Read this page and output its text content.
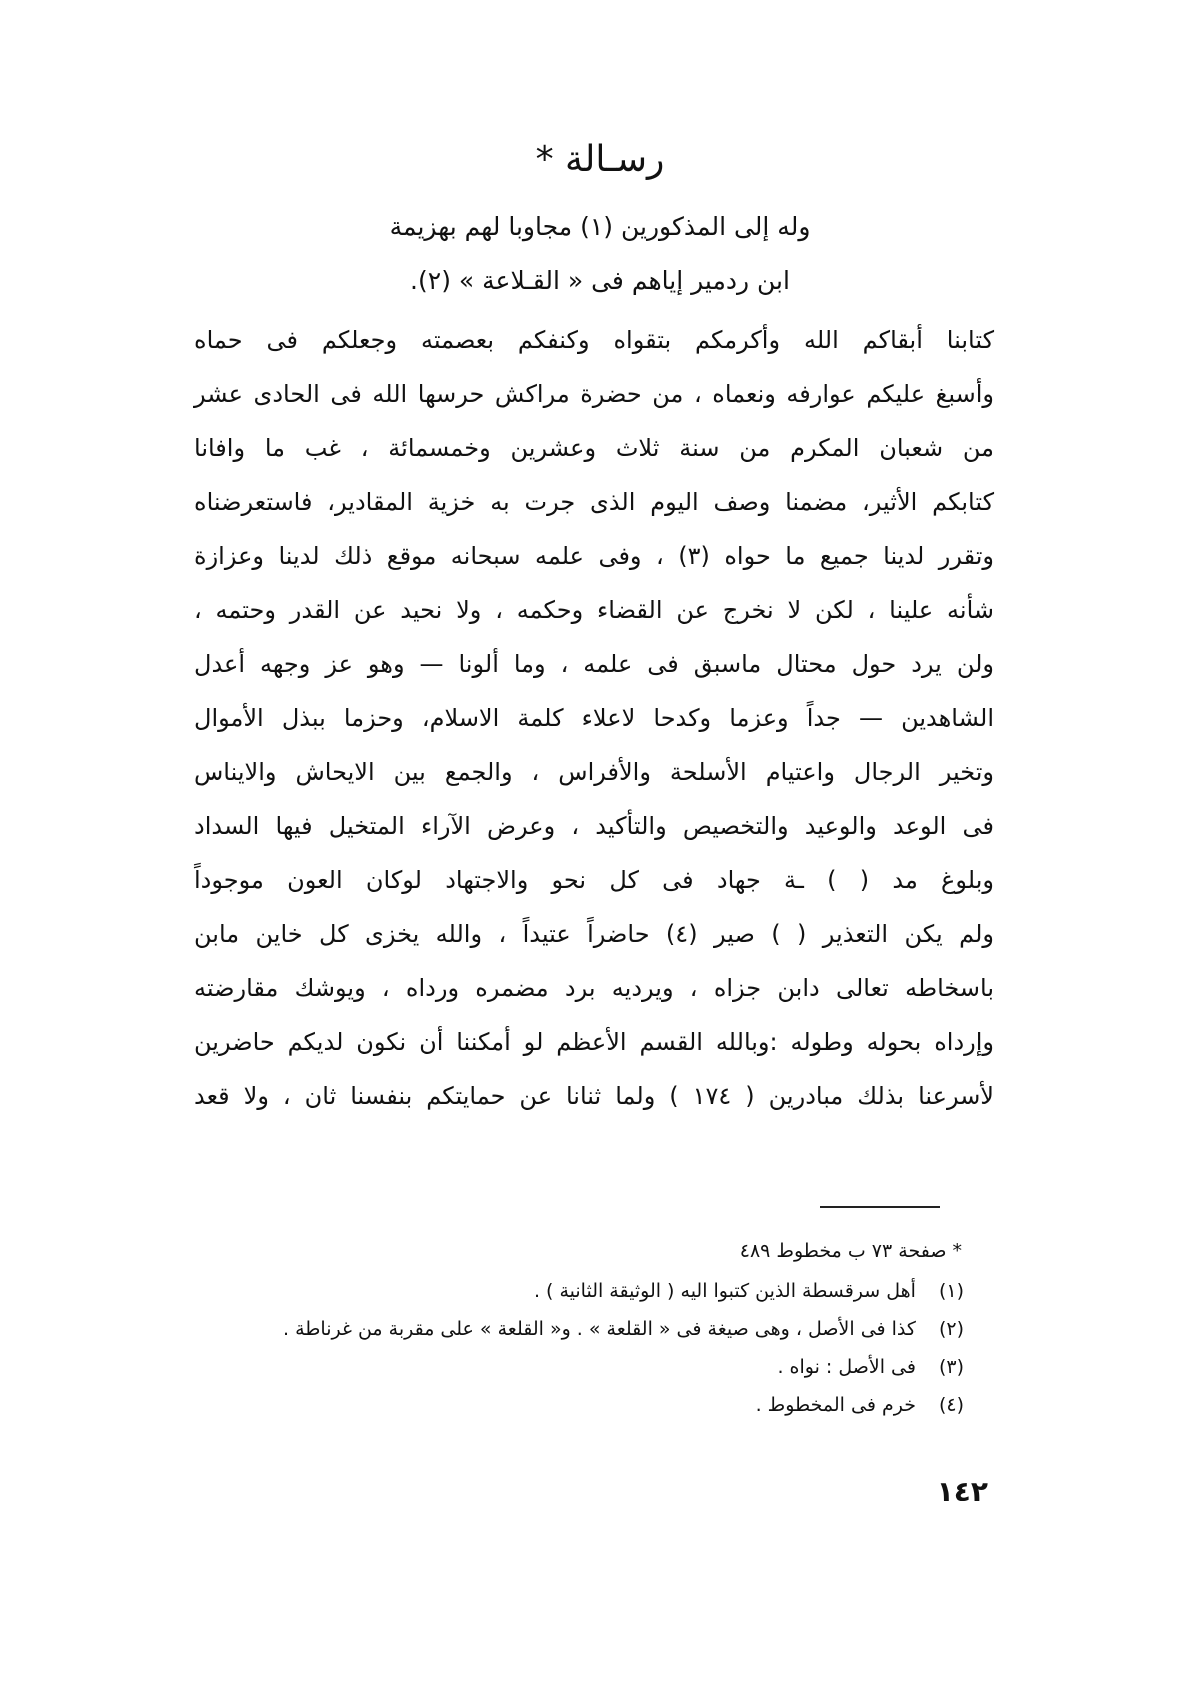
رسـالة *
وله إلى المذكورين (١) مجاوبا لهم بهزيمة
ابن ردمير إياهم فى « القـلاعة » (٢).
كتابنا أبقاكم الله وأكرمكم بتقواه وكنفكم بعصمته وجعلكم فى حماه
وأسبغ عليكم عوارفه ونعماه ، من حضرة مراكش حرسها الله فى الحادى عشر
من شعبان المكرم من سنة ثلاث وعشرين وخمسمائة ، غب ما وافانا
كتابكم الأثير، مضمنا وصف اليوم الذى جرت به خزية المقادير، فاستعرضناه
وتقرر لدينا جميع ما حواه (٣) ، وفى علمه سبحانه موقع ذلك لدينا وعزازة
شأنه علينا ، لكن لا نخرج عن القضاء وحكمه ، ولا نحيد عن القدر وحتمه ،
ولن يرد حول محتال ماسبق فى علمه ، وما ألونا — وهو عز وجهه أعدل
الشاهدين — جداً وعزما وكدحا لاعلاء كلمة الاسلام، وحزما ببذل الأموال
وتخير الرجال واعتيام الأسلحة والأفراس ، والجمع بين الايحاش والايناس
فى الوعد والوعيد والتخصيص والتأكيد ، وعرض الآراء المتخيل فيها السداد
وبلوغ مد ( ) ـة جهاد فى كل نحو والاجتهاد لوكان العون موجوداً
ولم يكن التعذير ( ) صير (٤) حاضراً عتيداً ، والله يخزى كل خاين مابن
باسخاطه تعالى دابن جزاه ، ويرديه برد مضمره ورداه ، ويوشك مقارضته
وإرداه بحوله وطوله :وبالله القسم الأعظم لو أمكننا أن نكون لديكم حاضرين
لأسرعنا بذلك مبادرين ( ١٧٤ ) ولما ثنانا عن حمايتكم بنفسنا ثان ، ولا قعد
* صفحة ٧٣ ب مخطوط ٤٨٩
(١) أهل سرقسطة الذين كتبوا اليه ( الوثيقة الثانية ) .
(٢) كذا فى الأصل ، وهى صيغة فى « القلعة » . و« القلعة » على مقربة من غرناطة .
(٣) فى الأصل : نواه .
(٤) خرم فى المخطوط .
١٤٢
